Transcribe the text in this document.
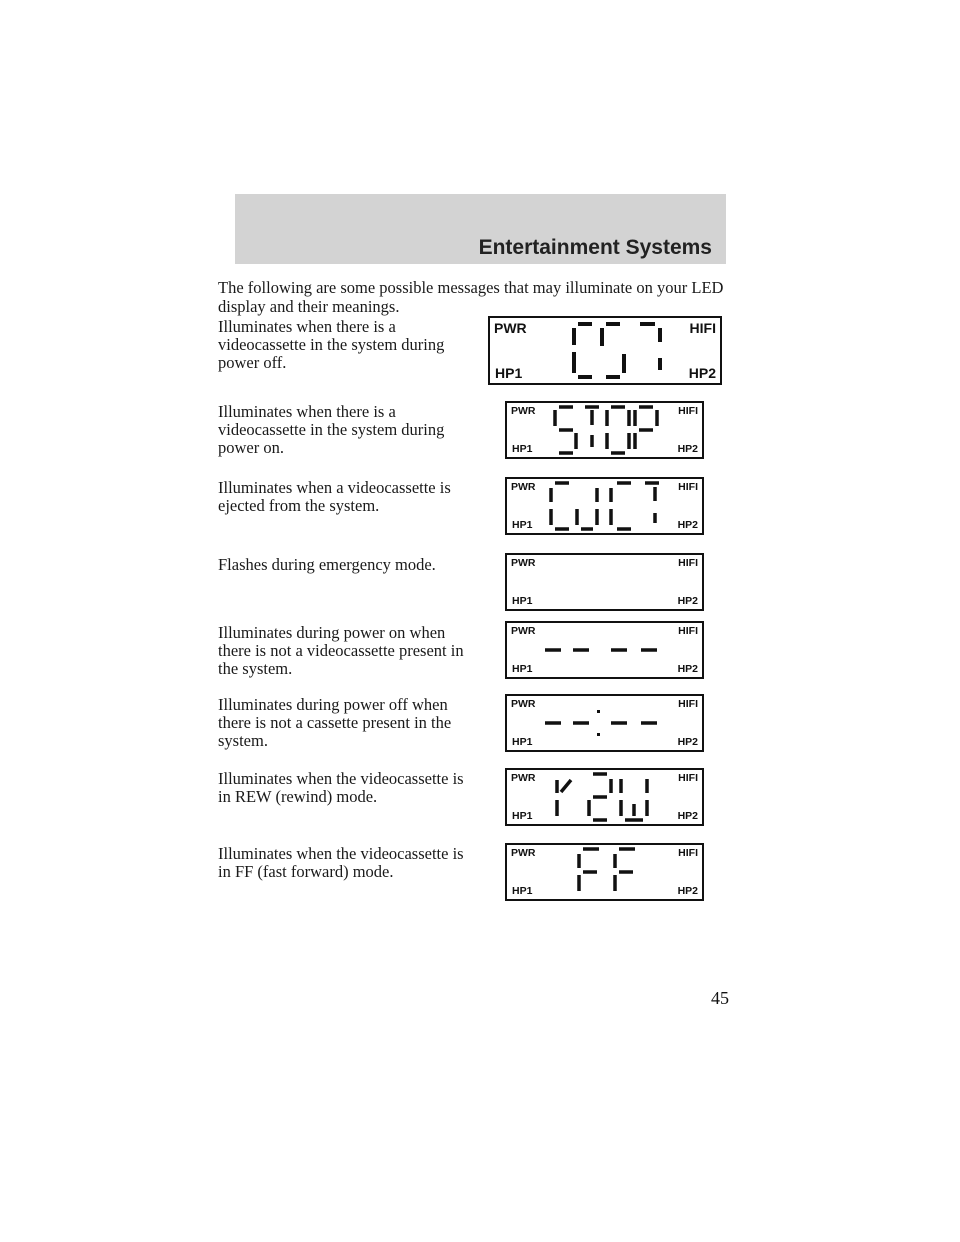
Entertainment Systems

The following are some possible messages that may illuminate on your LED display and their meanings.

Illuminates when there is a videocassette in the system during power off.

PWR	HIFI
HP1	HP2

Illuminates when there is a videocassette in the system during power on.

PWR	HIFI
HP1	HP2

Illuminates when a videocassette is ejected from the system.

PWR	HIFI
HP1	HP2

Flashes during emergency mode.	PWR	HIFI
HP1	HP2

Illuminates during power on when there is not a videocassette present in the system.

PWR	HIFI
HP1	HP2

Illuminates during power off when there is not a cassette present in the system.

PWR	HIFI
HP1	HP2

Illuminates when the videocassette is in REW (rewind) mode.

PWR	HIFI
HP1	HP2

Illuminates when the videocassette is in FF (fast forward) mode.

PWR	HIFI
HP1	HP2
45
